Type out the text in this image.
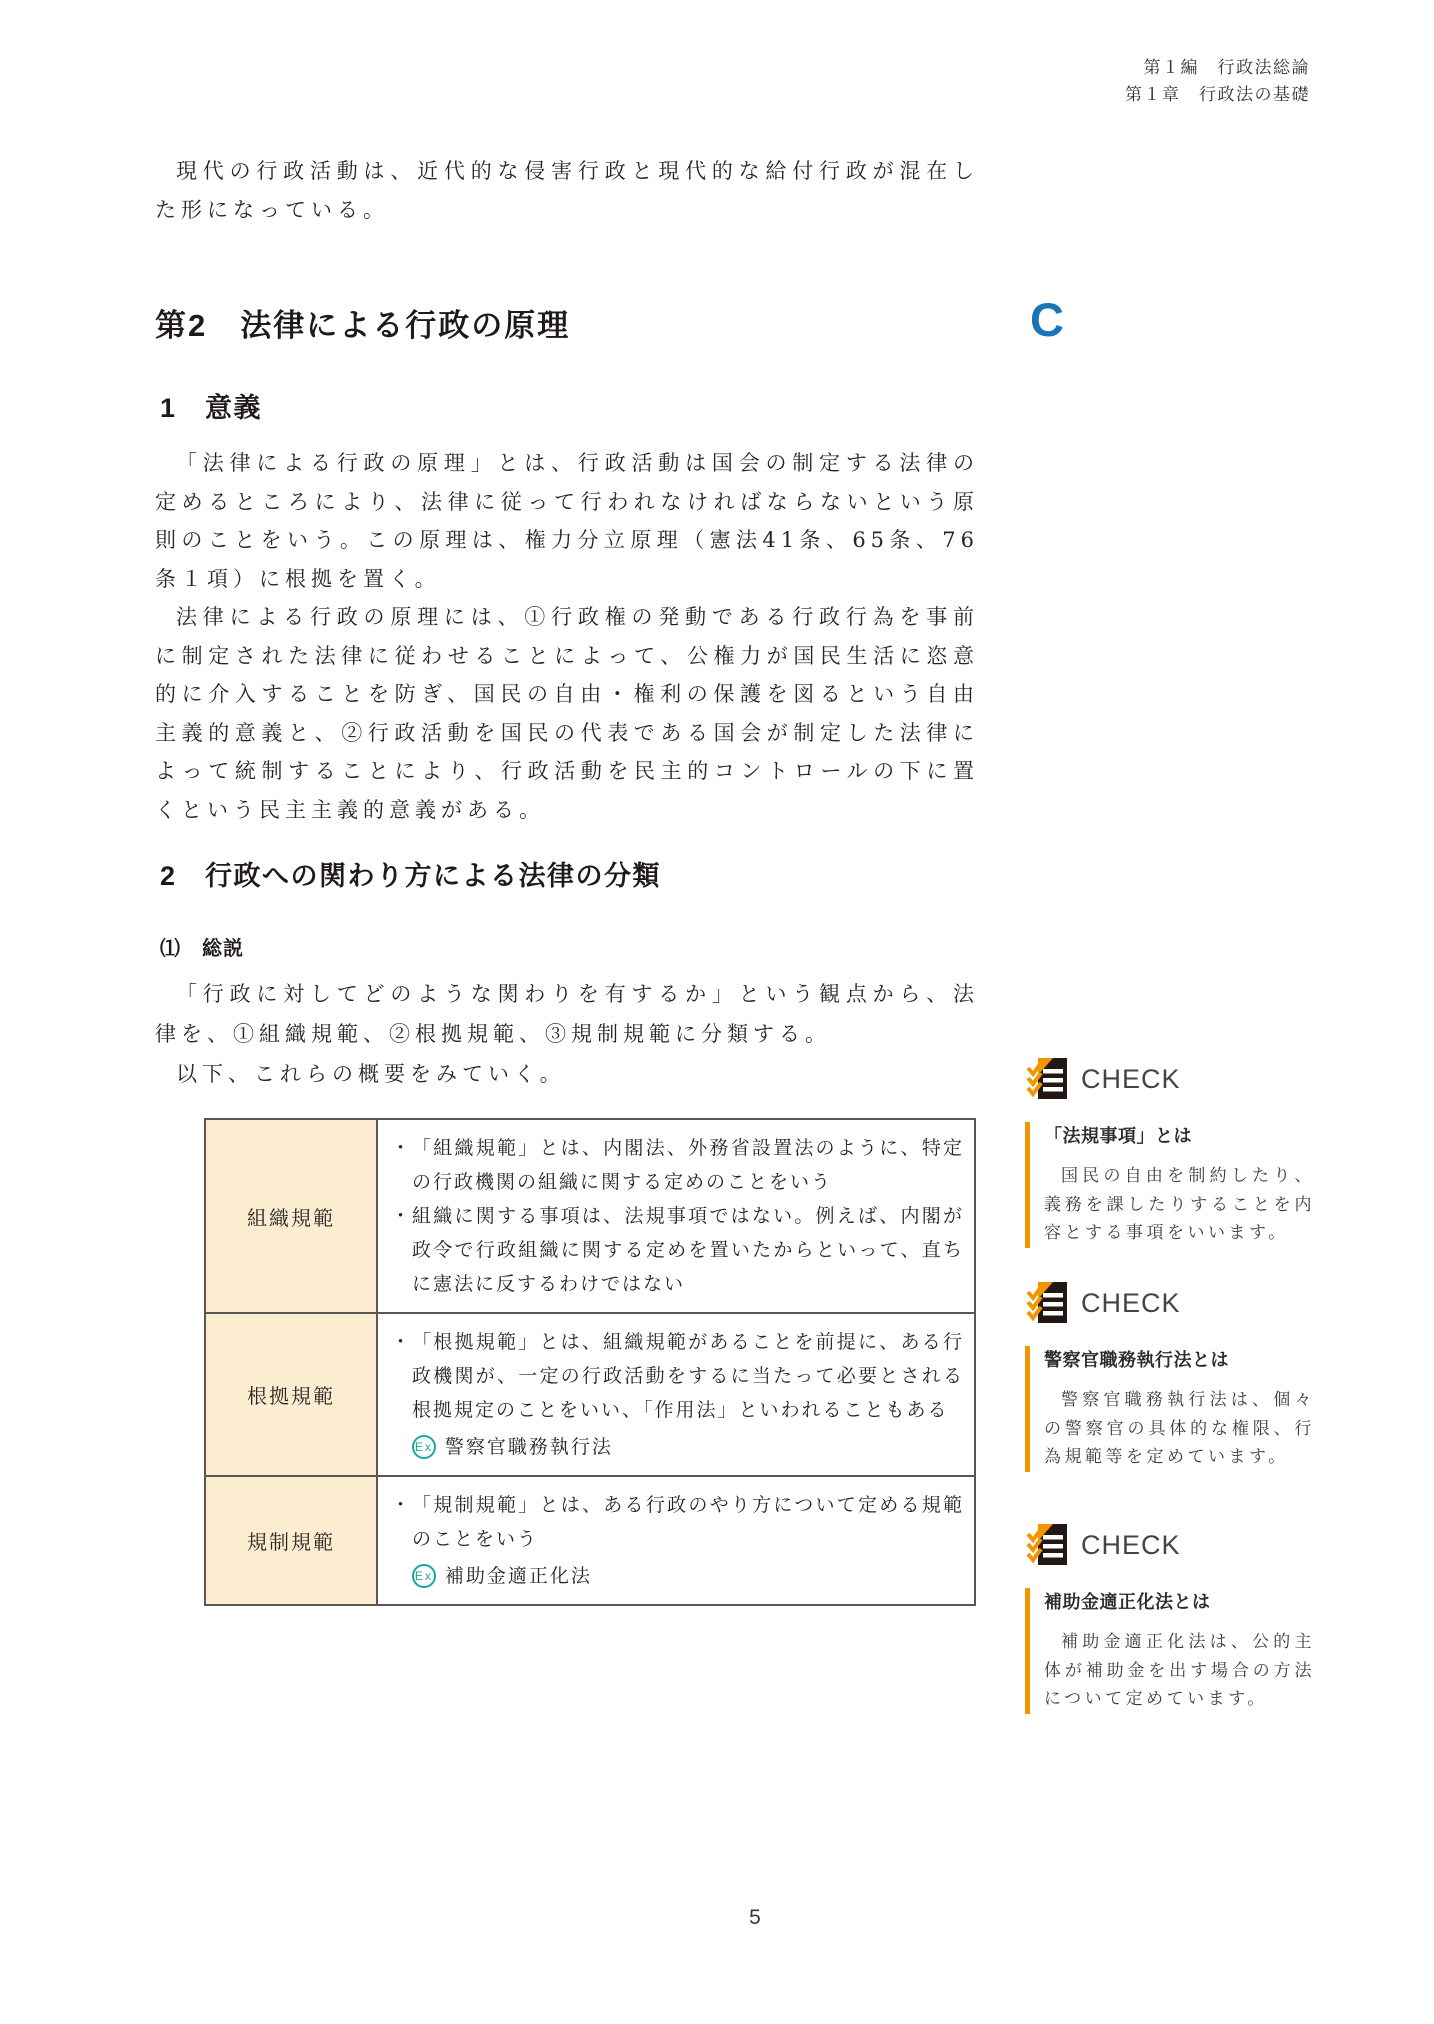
第１編　行政法総論
第１章　行政法の基礎

現代の行政活動は、近代的な侵害行政と現代的な給付行政が混在した形になっている。

第2　法律による行政の原理	C
1　意義

「法律による行政の原理」とは、行政活動は国会の制定する法律の定めるところにより、法律に従って行われなければならないという原則のことをいう。この原理は、権力分立原理（憲法41条、65条、76条１項）に根拠を置く。

法律による行政の原理には、①行政権の発動である行政行為を事前に制定された法律に従わせることによって、公権力が国民生活に恣意的に介入することを防ぎ、国民の自由・権利の保護を図るという自由主義的意義と、②行政活動を国民の代表である国会が制定した法律によって統制することにより、行政活動を民主的コントロールの下に置くという民主主義的意義がある。

2　行政への関わり方による法律の分類
⑴　総説

「行政に対してどのような関わりを有するか」という観点から、法律を、①組織規範、②根拠規範、③規制規範に分類する。

以下、これらの概要をみていく。

組織規範
・ 「組織規範」とは、内閣法、外務省設置法のように、特定の行政機関の組織に関する定めのことをいう
・ 組織に関する事項は、法規事項ではない。例えば、内閣が政令で行政組織に関する定めを置いたからといって、直ちに憲法に反するわけではない
根拠規範
・ 「根拠規範」とは、組織規範があることを前提に、ある行政機関が、一定の行政活動をするに当たって必要とされる根拠規定のことをいい、「作用法」といわれることもある
Ex 警察官職務執行法
規制規範
・ 「規制規範」とは、ある行政のやり方について定める規範のことをいう
Ex 補助金適正化法
CHECK

「法規事項」とは

国民の自由を制約したり、義務を課したりすることを内容とする事項をいいます。

CHECK

警察官職務執行法とは

警察官職務執行法は、個々の警察官の具体的な権限、行為規範等を定めています。

CHECK

補助金適正化法とは

補助金適正化法は、公的主体が補助金を出す場合の方法について定めています。

5
